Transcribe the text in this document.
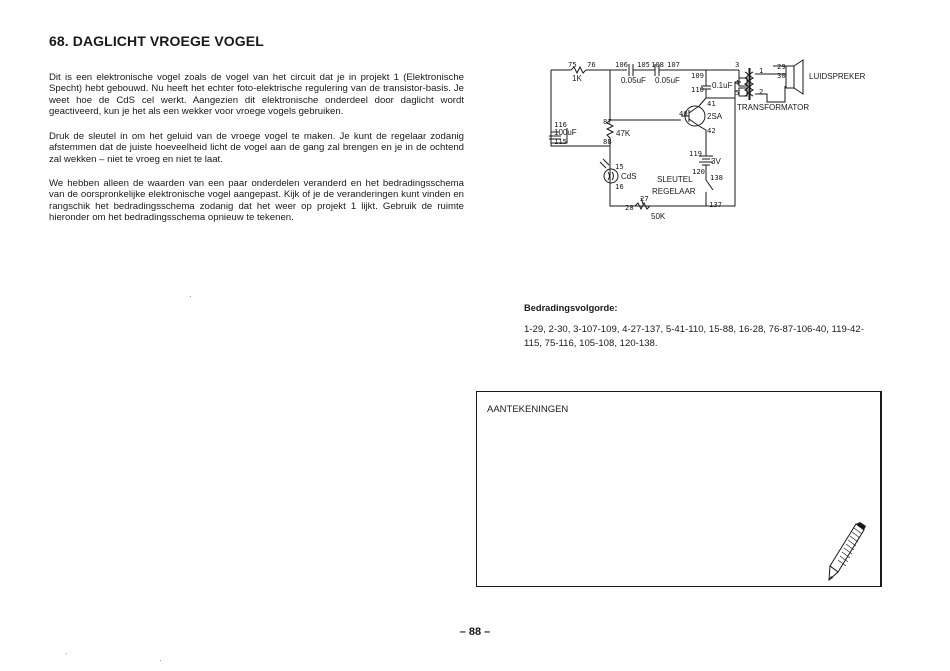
68. DAGLICHT VROEGE VOGEL

Dit is een elektronische vogel zoals de vogel van het circuit dat je in projekt 1 (Elektronische Specht) hebt gebouwd. Nu heeft het echter foto-elektrische regulering van de transistor-basis. Je weet hoe de CdS cel werkt. Aangezien dit elektronische onderdeel door daglicht wordt geactiveerd, kun je het als een wekker voor vroege vogels gebruiken.

Druk de sleutel in om het geluid van de vroege vogel te maken. Je kunt de regelaar zodanig afstemmen dat de juiste hoeveelheid licht de vogel aan de gang zal brengen en je in de ochtend zal wekken – niet te vroeg en niet te laat.

We hebben alleen de waarden van een paar onderdelen veranderd en het bedradingsschema van de oorspronkelijke elektronische vogel aangepast. Kijk of je de veranderingen kunt vinden en rangschik het bedradingsschema zodanig dat het weer op projekt 1 lijkt. Gebruik de ruimte hieronder om het bedradingsschema opnieuw te tekenen.

75 76
1K
106 105 108 107
0.05uF 0.05uF
109
0.1uF
110
116
100uF
115
87
47K
88
40
41
2SA
42
119
3V
120
138
SLEUTEL
15
CdS
16
REGELAAR
27
28	137
50K
3
4
5
29
30
1
2
LUIDSPREKER
TRANSFORMATOR
Bedradingsvolgorde:

1-29, 2-30, 3-107-109, 4-27-137, 5-41-110, 15-88, 16-28, 76-87-106-40, 119-42-115, 75-116, 105-108, 120-138.

AANTEKENINGEN
– 88 –
